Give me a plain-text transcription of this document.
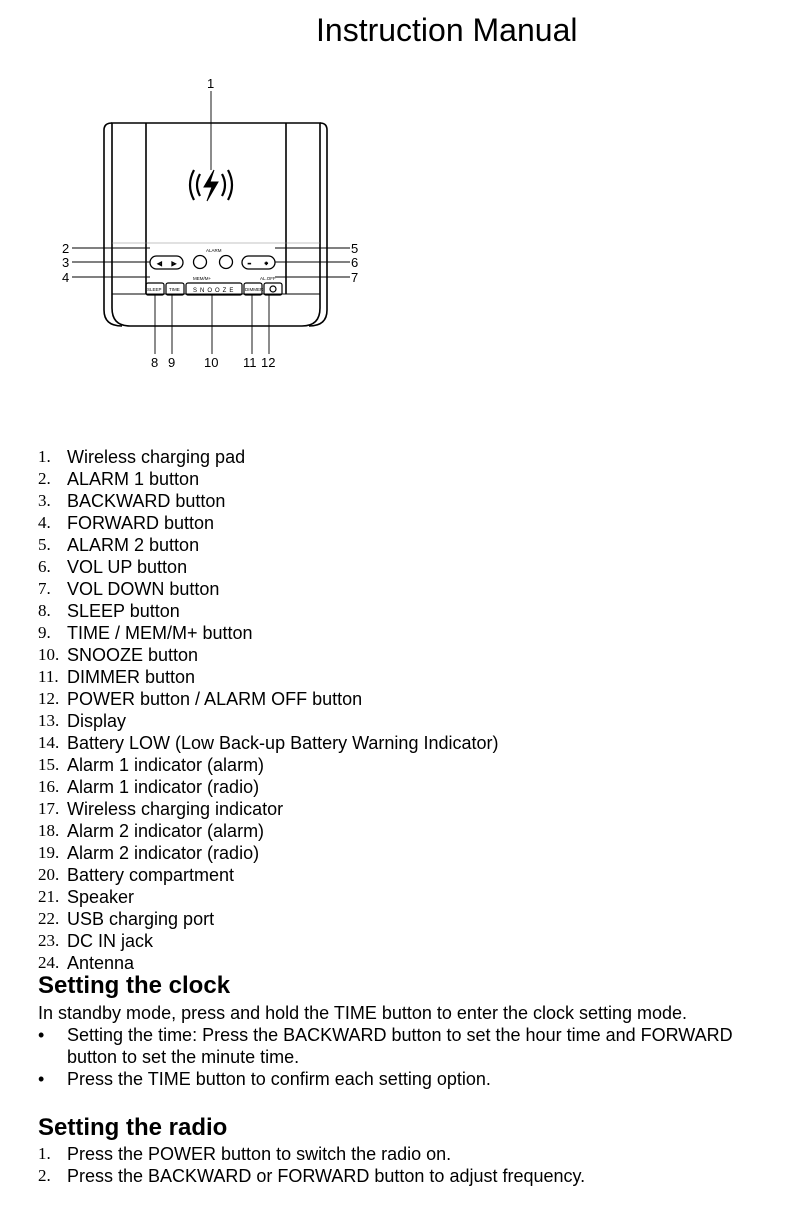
Instruction Manual
◁ ▷	−	+
ALARM
MEM/M+	AL.OFF
SLEEP TIME SNOOZE DIMMER
1
2
3
4
5
6
7
8 9 10 11 12
1. Wireless charging pad
2. ALARM 1 button
3. BACKWARD button
4. FORWARD button
5. ALARM 2 button
6. VOL UP button
7. VOL DOWN button
8. SLEEP button
9. TIME / MEM/M+ button
10. SNOOZE button
11. DIMMER button
12. POWER button / ALARM OFF button
13. Display
14. Battery LOW (Low Back-up Battery Warning Indicator)
15. Alarm 1 indicator (alarm)
16. Alarm 1 indicator (radio)
17. Wireless charging indicator
18. Alarm 2 indicator (alarm)
19. Alarm 2 indicator (radio)
20. Battery compartment
21. Speaker
22. USB charging port
23. DC IN jack
24. Antenna
Setting the clock

In standby mode, press and hold the TIME button to enter the clock setting mode.

•	Setting the time: Press the BACKWARD button to set the hour time and FORWARD button to set the minute time.
•	Press the TIME button to confirm each setting option.
Setting the radio
1. Press the POWER button to switch the radio on.
2. Press the BACKWARD or FORWARD button to adjust frequency.
